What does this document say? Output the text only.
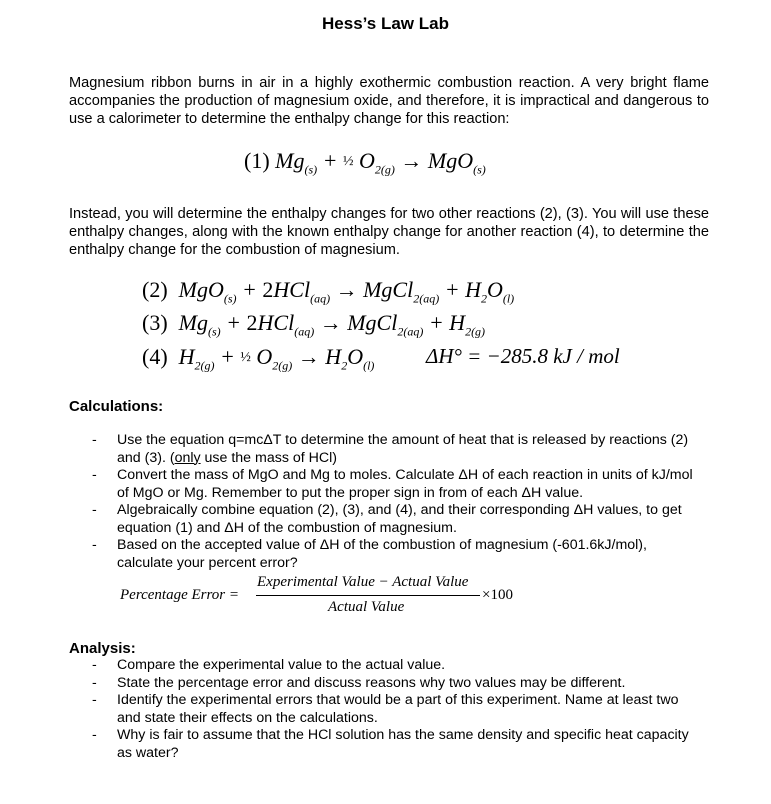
Hess’s Law Lab
Magnesium ribbon burns in air in a highly exothermic combustion reaction. A very bright flame accompanies the production of magnesium oxide, and therefore, it is impractical and dangerous to use a calorimeter to determine the enthalpy change for this reaction:
(1) $Mg_{(s)}$ + ½ $O_{2(g)} \to MgO_{(s)}$
Instead, you will determine the enthalpy changes for two other reactions (2), (3). You will use these enthalpy changes, along with the known enthalpy change for another reaction (4), to determine the enthalpy change for the combustion of magnesium.
(2)  MgO$_{(s)}$ + 2HCl$_{(aq)}$ → MgCl$_{2(aq)}$ + $H_2O_{(l)}$
(3)  $Mg_{(s)} + 2HCl_{(aq)}$ → MgCl$_{2(aq)}$ + $H_{2(g)}$
(4)  $H_{2(g)}$ + ½ $O_{2(g)} \to H_2O_{(l)}$ ΔH° = −285.8 kJ / mol
Calculations:
- Use the equation q=mcΔT to determine the amount of heat that is released by reactions (2) and (3). (only use the mass of HCl)
- Convert the mass of MgO and Mg to moles. Calculate ΔH of each reaction in units of kJ/mol of MgO or Mg. Remember to put the proper sign in from of each ΔH value.
- Algebraically combine equation (2), (3), and (4), and their corresponding ΔH values, to get equation (1) and ΔH of the combustion of magnesium.
- Based on the accepted value of ΔH of the combustion of magnesium (-601.6kJ/mol), calculate your percent error?
Percentage Error =
Experimental Value − Actual Value
Actual Value
×100
Analysis:
- Compare the experimental value to the actual value.
- State the percentage error and discuss reasons why two values may be different.
- Identify the experimental errors that would be a part of this experiment. Name at least two and state their effects on the calculations.
- Why is fair to assume that the HCl solution has the same density and specific heat capacity as water?
